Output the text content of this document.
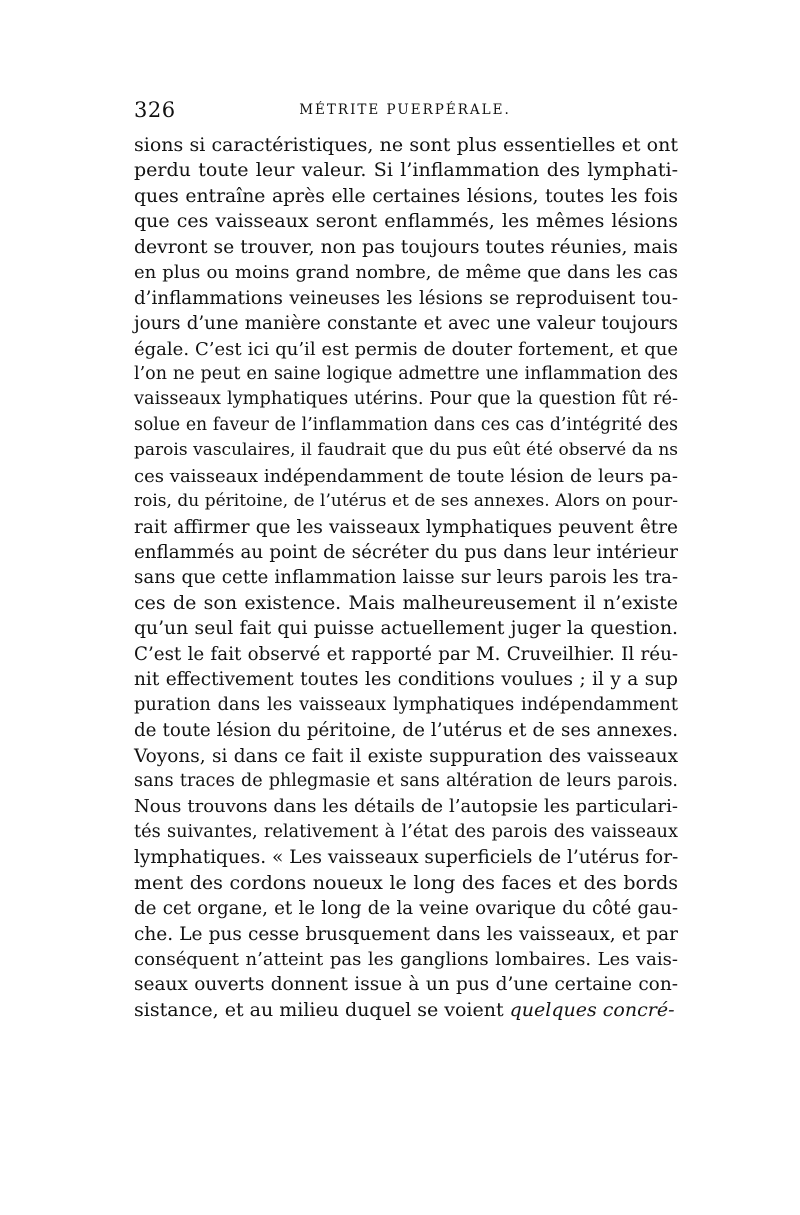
326	MÉTRITE PUERPÉRALE.
sions si caractéristiques, ne sont plus essentielles et ont
perdu toute leur valeur. Si l’inflammation des lymphati-
ques entraîne après elle certaines lésions, toutes les fois
que ces vaisseaux seront enflammés, les mêmes lésions
devront se trouver, non pas toujours toutes réunies, mais
en plus ou moins grand nombre, de même que dans les cas
d’inflammations veineuses les lésions se reproduisent tou-
jours d’une manière constante et avec une valeur toujours
égale. C’est ici qu’il est permis de douter fortement, et que
l’on ne peut en saine logique admettre une inflammation des
vaisseaux lymphatiques utérins. Pour que la question fût ré-
solue en faveur de l’inflammation dans ces cas d’intégrité des
parois vasculaires, il faudrait que du pus eût été observé da ns
ces vaisseaux indépendamment de toute lésion de leurs pa-
rois, du péritoine, de l’utérus et de ses annexes. Alors on pour-
rait affirmer que les vaisseaux lymphatiques peuvent être
enflammés au point de sécréter du pus dans leur intérieur
sans que cette inflammation laisse sur leurs parois les tra-
ces de son existence. Mais malheureusement il n’existe
qu’un seul fait qui puisse actuellement juger la question.
C’est le fait observé et rapporté par M. Cruveilhier. Il réu-
nit effectivement toutes les conditions voulues ; il y a sup
puration dans les vaisseaux lymphatiques indépendamment
de toute lésion du péritoine, de l’utérus et de ses annexes.
Voyons, si dans ce fait il existe suppuration des vaisseaux
sans traces de phlegmasie et sans altération de leurs parois.
Nous trouvons dans les détails de l’autopsie les particulari-
tés suivantes, relativement à l’état des parois des vaisseaux
lymphatiques. « Les vaisseaux superficiels de l’utérus for-
ment des cordons noueux le long des faces et des bords
de cet organe, et le long de la veine ovarique du côté gau-
che. Le pus cesse brusquement dans les vaisseaux, et par
conséquent n’atteint pas les ganglions lombaires. Les vais-
seaux ouverts donnent issue à un pus d’une certaine con-
sistance, et au milieu duquel se voient quelques concré-
